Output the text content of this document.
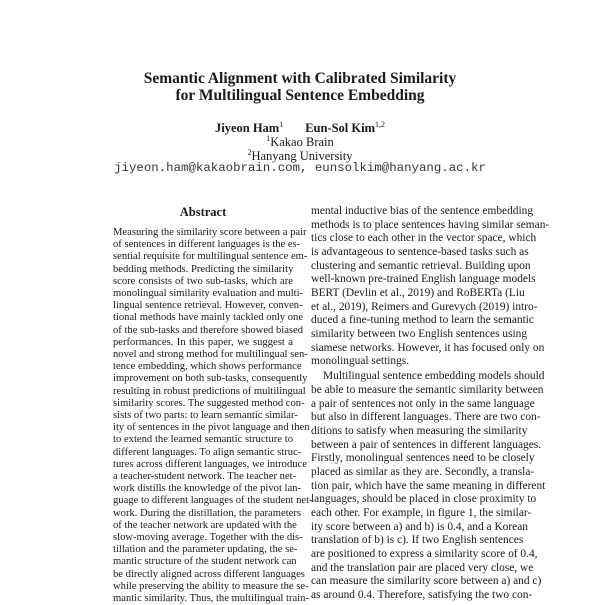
Semantic Alignment with Calibrated Similarity
for Multilingual Sentence Embedding
Jiyeon Ham$^1$ Eun-Sol Kim$^{1,2}$
$^1$Kakao Brain
$^2$Hanyang University
jiyeon.ham@kakaobrain.com, eunsolkim@hanyang.ac.kr
Abstract
Measuring the similarity score between a pair
of sentences in different languages is the es-
sential requisite for multilingual sentence em-
bedding methods. Predicting the similarity
score consists of two sub-tasks, which are
monolingual similarity evaluation and multi-
lingual sentence retrieval. However, conven-
tional methods have mainly tackled only one
of the sub-tasks and therefore showed biased
performances. In this paper, we suggest a
novel and strong method for multilingual sen-
tence embedding, which shows performance
improvement on both sub-tasks, consequently
resulting in robust predictions of multilingual
similarity scores. The suggested method con-
sists of two parts: to learn semantic similar-
ity of sentences in the pivot language and then
to extend the learned semantic structure to
different languages. To align semantic struc-
tures across different languages, we introduce
a teacher-student network. The teacher net-
work distills the knowledge of the pivot lan-
guage to different languages of the student net-
work. During the distillation, the parameters
of the teacher network are updated with the
slow-moving average. Together with the dis-
tillation and the parameter updating, the se-
mantic structure of the student network can
be directly aligned across different languages
while preserving the ability to measure the se-
mantic similarity. Thus, the multilingual train-
mental inductive bias of the sentence embedding
methods is to place sentences having similar seman-
tics close to each other in the vector space, which
is advantageous to sentence-based tasks such as
clustering and semantic retrieval. Building upon
well-known pre-trained English language models
BERT (Devlin et al., 2019) and RoBERTa (Liu
et al., 2019), Reimers and Gurevych (2019) intro-
duced a fine-tuning method to learn the semantic
similarity between two English sentences using
siamese networks. However, it has focused only on
monolingual settings.
Multilingual sentence embedding models should
be able to measure the semantic similarity between
a pair of sentences not only in the same language
but also in different languages. There are two con-
ditions to satisfy when measuring the similarity
between a pair of sentences in different languages.
Firstly, monolingual sentences need to be closely
placed as similar as they are. Secondly, a transla-
tion pair, which have the same meaning in different
languages, should be placed in close proximity to
each other. For example, in figure 1, the similar-
ity score between a) and b) is 0.4, and a Korean
translation of b) is c). If two English sentences
are positioned to express a similarity score of 0.4,
and the translation pair are placed very close, we
can measure the similarity score between a) and c)
as around 0.4. Therefore, satisfying the two con-
